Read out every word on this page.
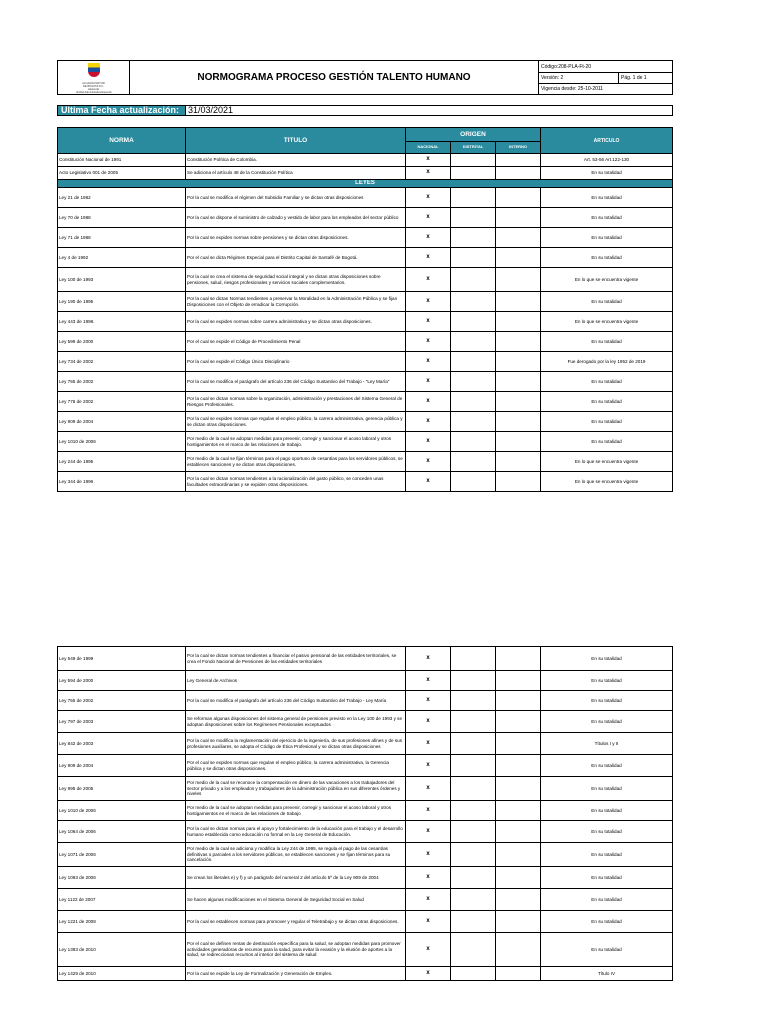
ALCALDIA MAYOR
DE BOGOTA D.C.
Hacienda
Unidad Administrativa Especial	NORMOGRAMA PROCESO GESTIÓN TALENTO HUMANO	Código:208-PLA-Ft-20	
		Versión: 2	Pág. 1 de 1
		Vigencia desde: 25-10-2011	
Ultima Fecha actualización:	31/03/2021
NORMA	TITULO	ORIGEN			ARTICULO
		NACIONAL	DISTRITAL	INTERNO	
Constitución Nacional de 1991	Constitución Política de Colombia.	x			Art. 53-56 Art.122-130
Acto Legislativo 001 de 2005	Se adiciona el artículo 48 de la Constitución Política	x			En su totalidad
LEYES					
Ley 21 de 1982	Por la cual se modifica el régimen del Subsidio Familiar y se dictan otras disposiciones	x			En su totalidad
Ley 70 de 1988	Por la cual se dispone el suministro de calzado y vestido de labor para los empleados del sector público	x			En su totalidad
Ley 71 de 1988	Por la cual se expiden normas sobre pensiones y se dictan otras disposiciones.	x			En su totalidad
Ley 4 de 1992	Por el cual se dicta Régimen Especial para el Distrito Capital de Santafé de Bogotá.	x			En su totalidad
Ley 100 de 1993	Por la cual se crea el sistema de seguridad social integral y se dictan otras disposiciones sobre pensiones, salud, riesgos profesionales y servicios sociales complementarios.	x			En lo que se encuentra vigente
Ley 190 de 1995	Por la cual se dictan Normas tendientes a preservar la Moralidad en la Administración Pública y se fijan Disposiciones con el Objeto de erradicar la Corrupción.	x			En su totalidad
Ley 443 de 1998.	Por la cual se expiden normas sobre carrera administrativa y se dictan otras disposiciones.	x			En lo que se encuentra vigente
Ley 599 de 2000	Por el cual se expide el Código de Procedimiento Penal	x			En su totalidad
Ley 734 de 2002	Por la cual se expide el Código Único Disciplinario	x			Fue derogado por la ley 1952 de 2019
Ley 755 de 2002	Por la cual se modifica el parágrafo del artículo 236 del Código Sustantivo del Trabajo - "Ley María"	x			En su totalidad
Ley 776 de 2002	Por la cual se dictan normas sobre la organización, administración y prestaciones del Sistema General de Riesgos Profesionales.	x			En su totalidad
Ley 909 de 2004	Por la cual se expiden normas que regulan el empleo público, la carrera administrativa, gerencia pública y se dictan otras disposiciones.	x			En su totalidad
Ley 1010 de 2006	Por medio de la cual se adoptan medidas para prevenir, corregir y sancionar el acoso laboral y otros hostigamientos en el marco de las relaciones de trabajo.	x			En su totalidad
Ley 244 de 1995	Por medio de la cual se fijan términos para el pago oportuno de cesantías para los servidores públicos, se establecen sanciones y se dictan otras disposiciones.	x			En lo que se encuentra vigente
Ley 344 de 1996	Por la cual se dictan normas tendientes a la racionalización del gasto público, se conceden unas facultades extraordinarias y se expiden otras disposiciones.	x			En lo que se encuentra vigente
Ley 549 de 1999	Por la cual se dictan normas tendientes a financiar el pasivo pensional de las entidades territoriales, se crea el Fondo Nacional de Pensiones de las entidades territoriales	x			En su totalidad
Ley 594 de 2000	Ley General de Archivos	x			En su totalidad
Ley 755 de 2002	Por la cual se modifica el parágrafo del artículo 236 del Código Sustantivo del Trabajo - Ley María	x			En su totalidad
Ley 797 de 2003	Se reforman algunas disposiciones del sistema general de pensiones previsto en la Ley 100 de 1993 y se adoptan disposiciones sobre los Regímenes Pensionales exceptuados	x			En su totalidad
Ley 842 de 2003	Por la cual se modifica la reglamentación del ejercicio de la ingeniería, de sus profesiones afines y de sus profesiones auxiliares, se adopta el Código de Ética Profesional y se dictan otras disposiciones	x			Títulos I y II
Ley 909 de 2004	Por el cual se expiden normas que regulan el empleo público, la carrera administrativa, la Gerencia pública y se dictan otras disposiciones.	x			En su totalidad
Ley 995 de 2005	Por medio de la cual se reconoce la compensación en dinero de las vacaciones a los trabajadores del sector privado y a los empleados y trabajadores de la administración pública en sus diferentes órdenes y niveles	x			En su totalidad
Ley 1010 de 2006	Por medio de la cual se adoptan medidas para prevenir, corregir y sancionar el acoso laboral y otros hostigamientos en el marco de las relaciones de trabajo	x			En su totalidad
Ley 1064 de 2006	Por la cual se dictan normas para el apoyo y fortalecimiento de la educación para el trabajo y el desarrollo humano establecida como educación no formal en la Ley General de Educación.	x			En su totalidad
Ley 1071 de 2006	Por medio de la cual se adiciona y modifica la Ley 244 de 1995, se regula el pago de las cesantías definitivas o parciales a los servidores públicos, se establecen sanciones y se fijan términos para su cancelación.	x			En su totalidad
Ley 1093 de 2006	Se crean los literales e) y f) y un parágrafo del numeral 2 del artículo 5º de la Ley 909 de 2004	x			En su totalidad
Ley 1122 de 2007	Se hacen algunas modificaciones en el Sistema General de Seguridad Social en Salud	x			En su totalidad
Ley 1221 de 2008	Por la cual se establecen normas para promover y regular el Teletrabajo y se dictan otras disposiciones.	x			En su totalidad
Ley 1393 de 2010	Por el cual se definen rentas de destinación específica para la salud, se adoptan medidas para promover actividades generadoras de recursos para la salud, para evitar la evasión y la elusión de aportes a la salud, se redireccionan recursos al interior del sistema de salud	x			En su totalidad
Ley 1429 de 2010	Por la cual se expide la Ley de Formalización y Generación de Empleo.	x			Título IV
